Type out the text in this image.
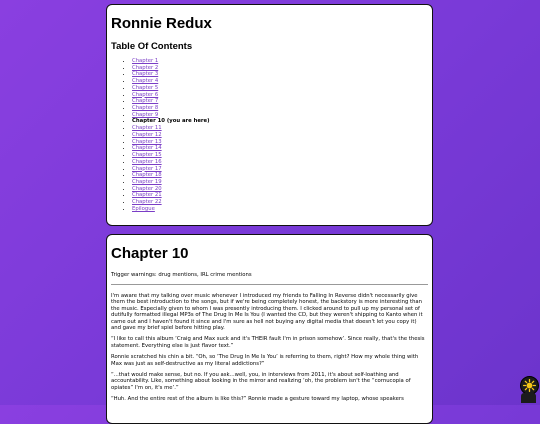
Ronnie Redux
Table Of Contents
• Chapter 1
• Chapter 2
• Chapter 3
• Chapter 4
• Chapter 5
• Chapter 6
• Chapter 7
• Chapter 8
• Chapter 9
• Chapter 10 (you are here)
• Chapter 11
• Chapter 12
• Chapter 13
• Chapter 14
• Chapter 15
• Chapter 16
• Chapter 17
• Chapter 18
• Chapter 19
• Chapter 20
• Chapter 21
• Chapter 22
• Epilogue
Chapter 10

Trigger warnings: drug mentions, IRL crime mentions

I'm aware that my talking over music whenever I introduced my friends to Falling In Reverse didn't necessarily give them the best introduction to the songs, but if we're being completely honest, the backstory is more interesting than the music. Especially given to whom I was presently introducing them. I clicked around to pull up my personal set of dutifully formatted illegal MP3s of The Drug In Me Is You (I wanted the CD, but they weren't shipping to Kanto when it came out and I haven't found it since and I'm sure as hell not buying any digital media that doesn't let you copy it) and gave my brief spiel before hitting play.

“I like to call this album ‘Craig and Max suck and it's THEIR fault I'm in prison somehow’. Since really, that's the thesis statement. Everything else is just flavor text.”

Ronnie scratched his chin a bit. “Oh, so ‘The Drug In Me Is You’ is referring to them, right? How my whole thing with Max was just as self-destructive as my literal addictions?”

“...that would make sense, but no. If you ask...well, you, in interviews from 2011, it's about self-loathing and accountability. Like, something about looking in the mirror and realizing ‘oh, the problem isn't the “cornucopia of opiates” I'm on, it's me’.”

“Huh. And the entire rest of the album is like this?” Ronnie made a gesture toward my laptop, whose speakers
